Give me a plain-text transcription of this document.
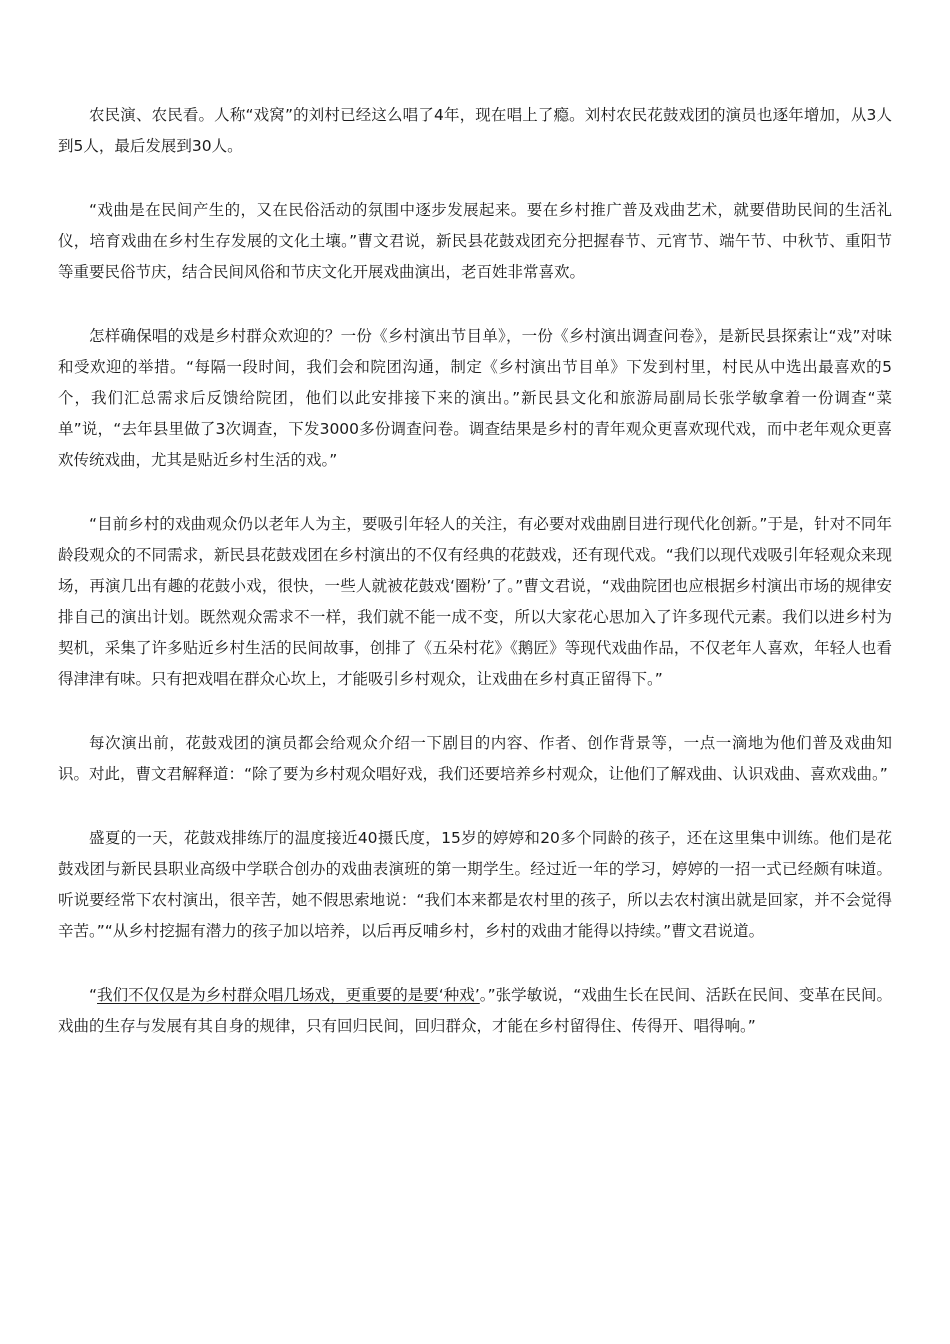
农民演、农民看。人称“戏窝”的刘村已经这么唱了4年，现在唱上了瘾。刘村农民花鼓戏团的演员也逐年增加，从3人到5人，最后发展到30人。

“戏曲是在民间产生的，又在民俗活动的氛围中逐步发展起来。要在乡村推广普及戏曲艺术，就要借助民间的生活礼仪，培育戏曲在乡村生存发展的文化土壤。”曹文君说，新民县花鼓戏团充分把握春节、元宵节、端午节、中秋节、重阳节等重要民俗节庆，结合民间风俗和节庆文化开展戏曲演出，老百姓非常喜欢。

怎样确保唱的戏是乡村群众欢迎的？一份《乡村演出节目单》，一份《乡村演出调查问卷》，是新民县探索让“戏”对味和受欢迎的举措。“每隔一段时间，我们会和院团沟通，制定《乡村演出节目单》下发到村里，村民从中选出最喜欢的5个，我们汇总需求后反馈给院团，他们以此安排接下来的演出。”新民县文化和旅游局副局长张学敏拿着一份调查“菜单”说，“去年县里做了3次调查，下发3000多份调查问卷。调查结果是乡村的青年观众更喜欢现代戏，而中老年观众更喜欢传统戏曲，尤其是贴近乡村生活的戏。”

“目前乡村的戏曲观众仍以老年人为主，要吸引年轻人的关注，有必要对戏曲剧目进行现代化创新。”于是，针对不同年龄段观众的不同需求，新民县花鼓戏团在乡村演出的不仅有经典的花鼓戏，还有现代戏。“我们以现代戏吸引年轻观众来现场，再演几出有趣的花鼓小戏，很快，一些人就被花鼓戏‘圈粉’了。”曹文君说，“戏曲院团也应根据乡村演出市场的规律安排自己的演出计划。既然观众需求不一样，我们就不能一成不变，所以大家花心思加入了许多现代元素。我们以进乡村为契机，采集了许多贴近乡村生活的民间故事，创排了《五朵村花》《鹅匠》等现代戏曲作品，不仅老年人喜欢，年轻人也看得津津有味。只有把戏唱在群众心坎上，才能吸引乡村观众，让戏曲在乡村真正留得下。”

每次演出前，花鼓戏团的演员都会给观众介绍一下剧目的内容、作者、创作背景等，一点一滴地为他们普及戏曲知识。对此，曹文君解释道：“除了要为乡村观众唱好戏，我们还要培养乡村观众，让他们了解戏曲、认识戏曲、喜欢戏曲。”

盛夏的一天，花鼓戏排练厅的温度接近40摄氏度，15岁的婷婷和20多个同龄的孩子，还在这里集中训练。他们是花鼓戏团与新民县职业高级中学联合创办的戏曲表演班的第一期学生。经过近一年的学习，婷婷的一招一式已经颇有味道。听说要经常下农村演出，很辛苦，她不假思索地说：“我们本来都是农村里的孩子，所以去农村演出就是回家，并不会觉得辛苦。”“从乡村挖掘有潜力的孩子加以培养，以后再反哺乡村，乡村的戏曲才能得以持续。”曹文君说道。

“我们不仅仅是为乡村群众唱几场戏，更重要的是要‘种戏’。”张学敏说，“戏曲生长在民间、活跃在民间、变革在民间。戏曲的生存与发展有其自身的规律，只有回归民间，回归群众，才能在乡村留得住、传得开、唱得响。”
